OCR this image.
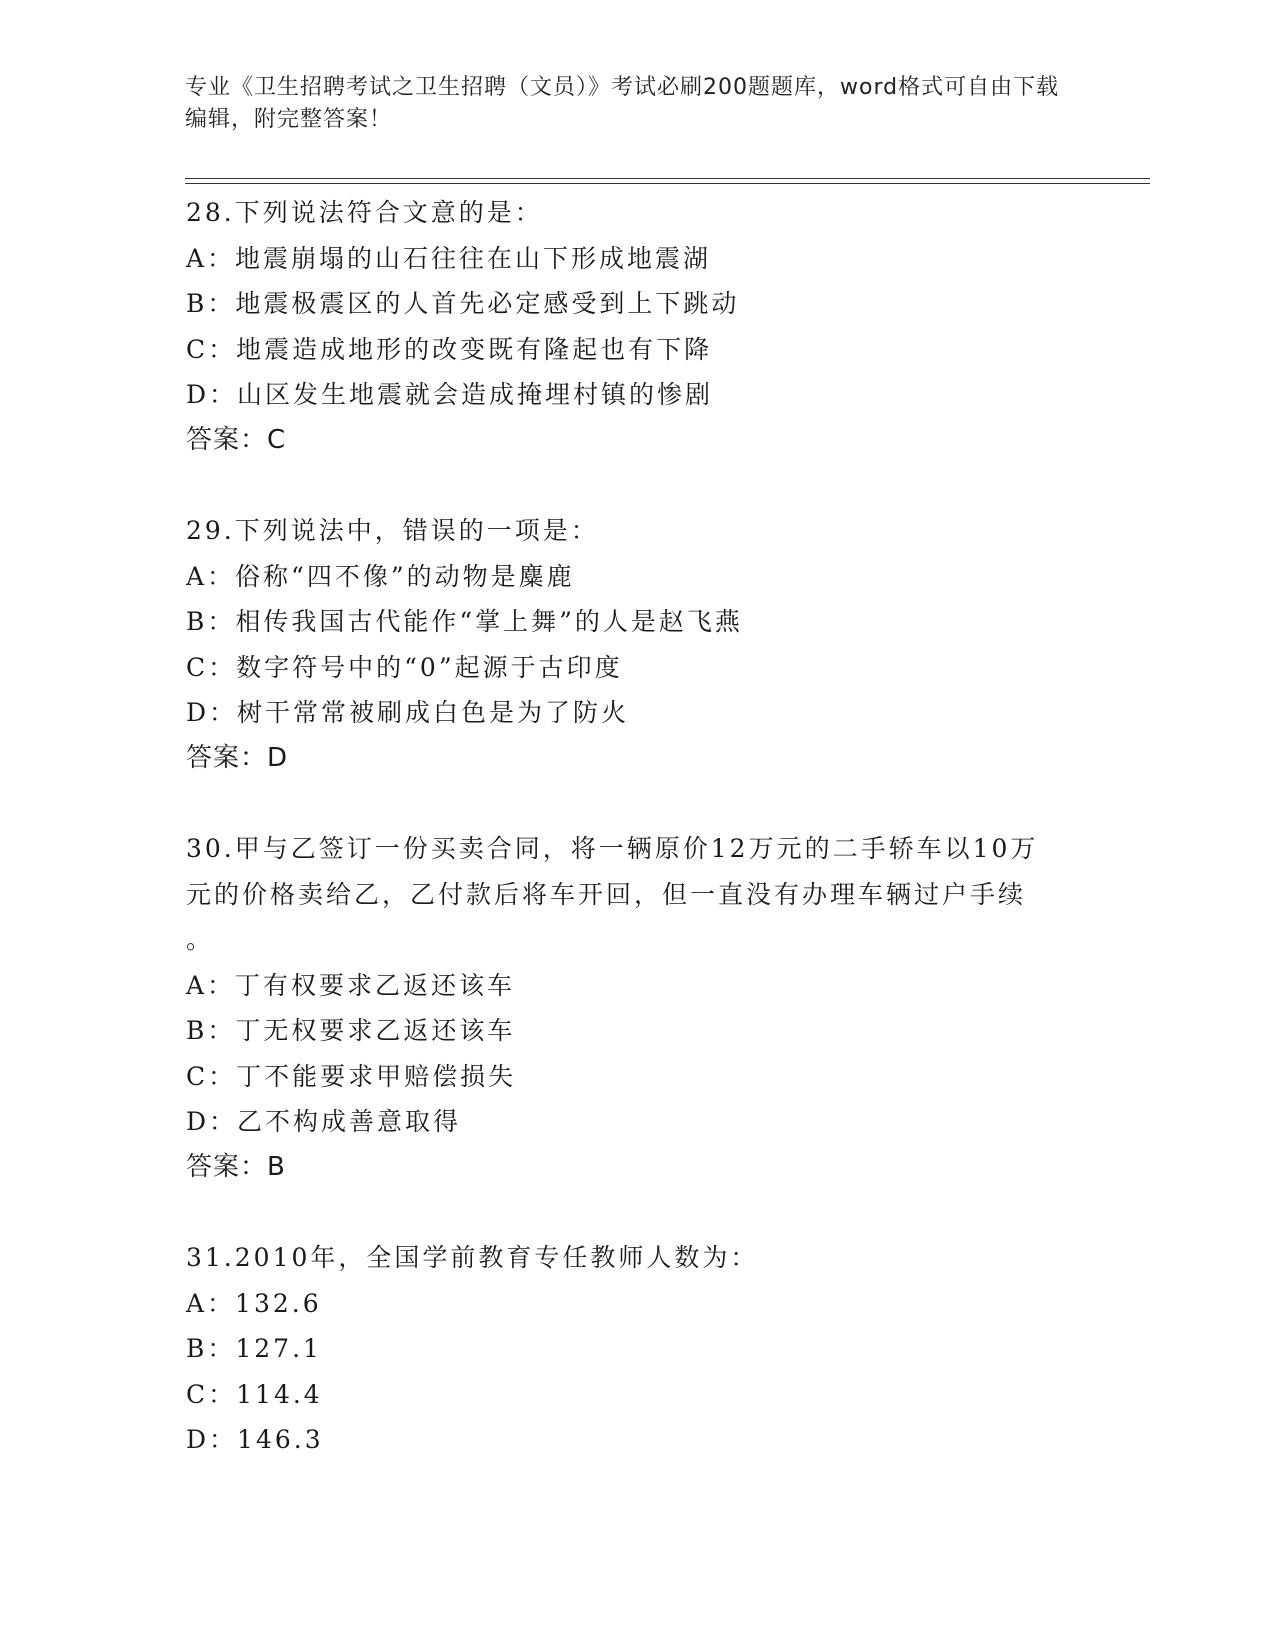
专业《卫生招聘考试之卫生招聘（文员）》考试必刷200题题库，word格式可自由下载编辑，附完整答案！
28.下列说法符合文意的是：
A：地震崩塌的山石往往在山下形成地震湖
B：地震极震区的人首先必定感受到上下跳动
C：地震造成地形的改变既有隆起也有下降
D：山区发生地震就会造成掩埋村镇的惨剧
答案：C
29.下列说法中，错误的一项是：
A：俗称“四不像”的动物是麋鹿
B：相传我国古代能作“掌上舞”的人是赵飞燕
C：数字符号中的“0”起源于古印度
D：树干常常被刷成白色是为了防火
答案：D
30.甲与乙签订一份买卖合同，将一辆原价12万元的二手轿车以10万
元的价格卖给乙，乙付款后将车开回，但一直没有办理车辆过户手续
。
A：丁有权要求乙返还该车
B：丁无权要求乙返还该车
C：丁不能要求甲赔偿损失
D：乙不构成善意取得
答案：B
31.2010年，全国学前教育专任教师人数为：
A：132.6
B：127.1
C：114.4
D：146.3
